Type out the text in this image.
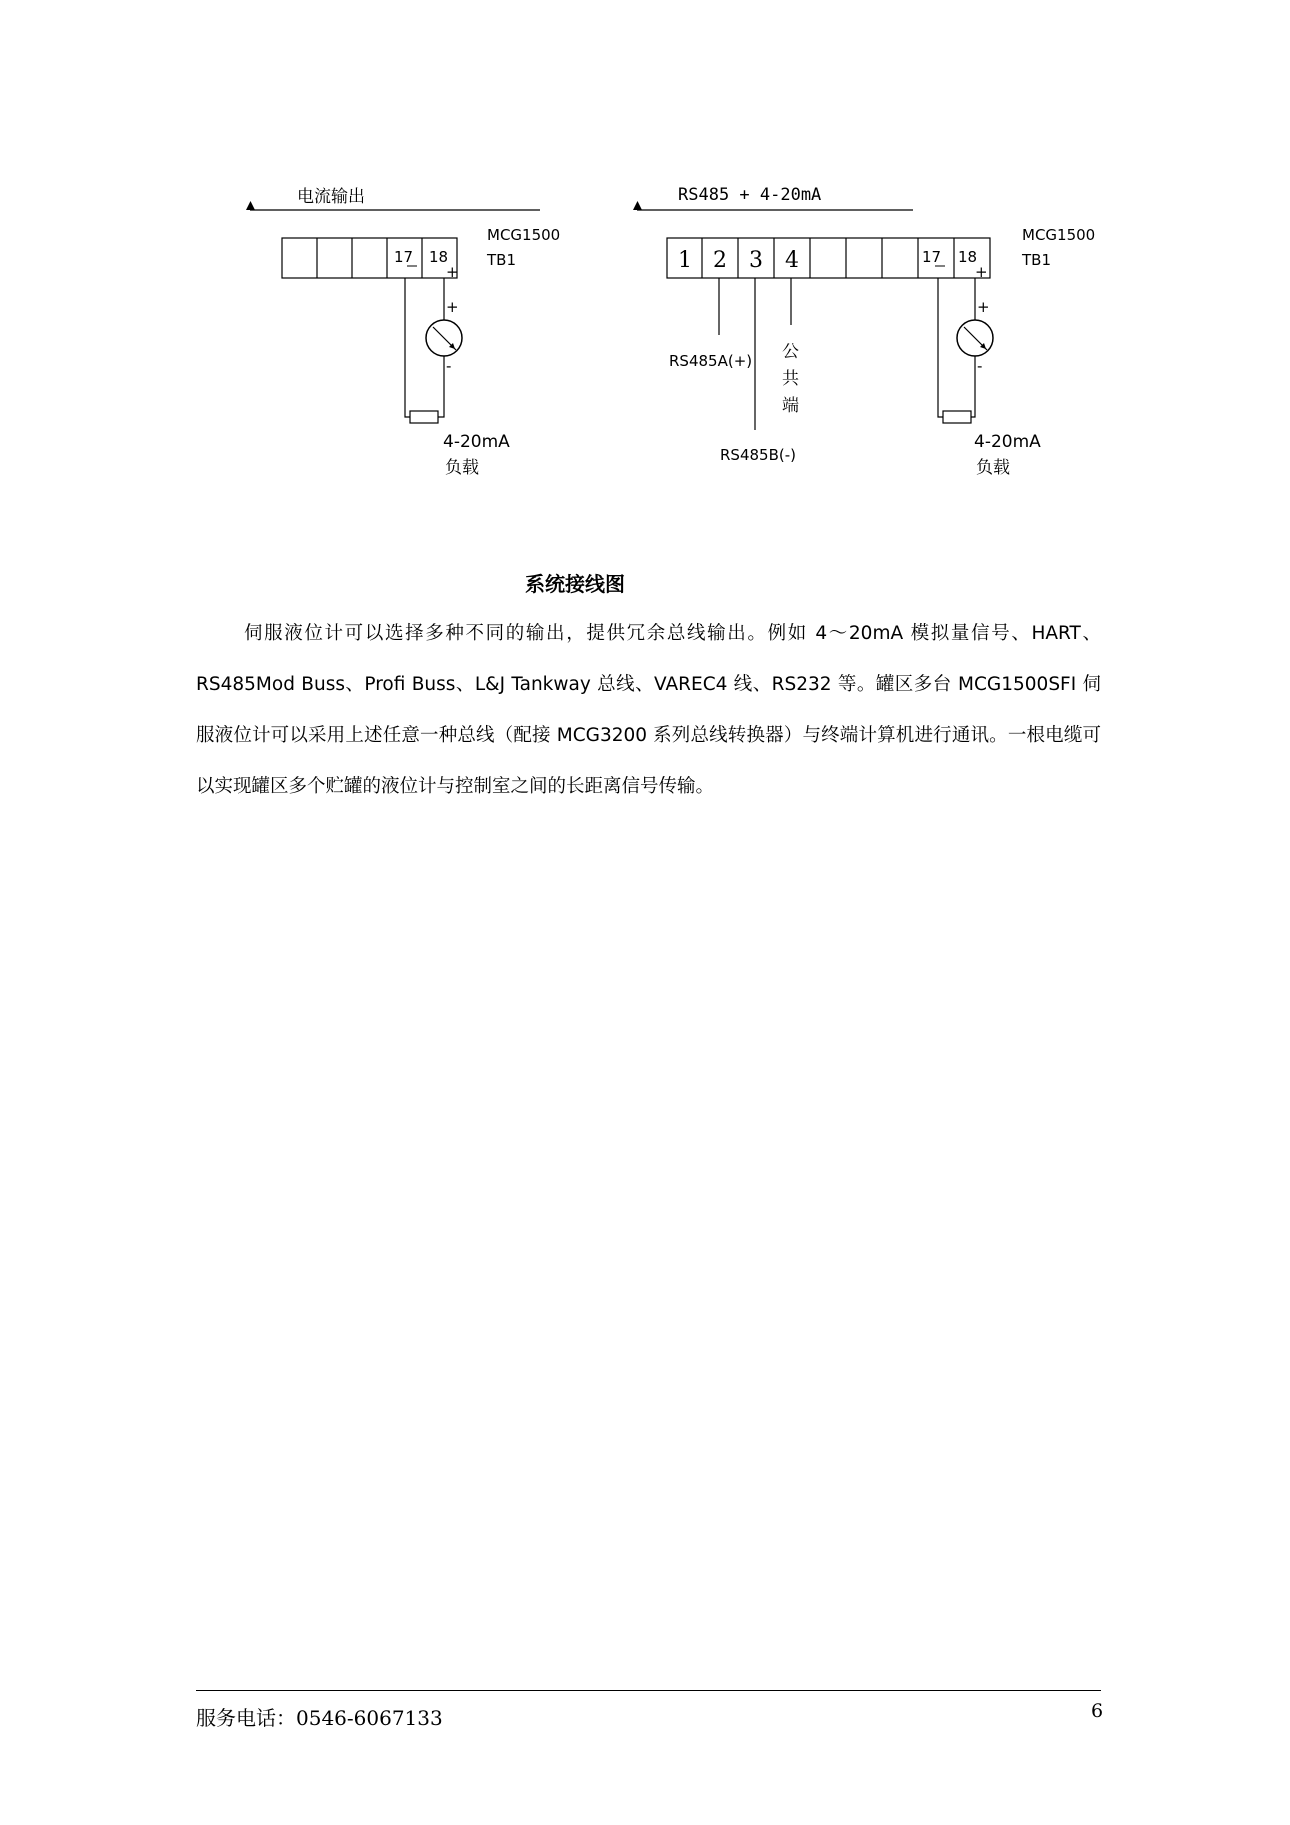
电流输出
MCG1500
TB1
17 18
+
+
-
4-20mA
负载
RS485 + 4-20mA
MCG1500
TB1
1 2 3 4	17 18
+
RS485A(+)
RS485B(-)
公
共
端
+
-
4-20mA
负载
系统接线图

伺服液位计可以选择多种不同的输出，提供冗余总线输出。例如 4～20mA 模拟量信号、HART、RS485Mod Buss、Profi Buss、L&J Tankway 总线、VAREC4 线、RS232 等。罐区多台 MCG1500SFI 伺服液位计可以采用上述任意一种总线（配接 MCG3200 系列总线转换器）与终端计算机进行通讯。一根电缆可以实现罐区多个贮罐的液位计与控制室之间的长距离信号传输。

服务电话：0546-6067133	6
